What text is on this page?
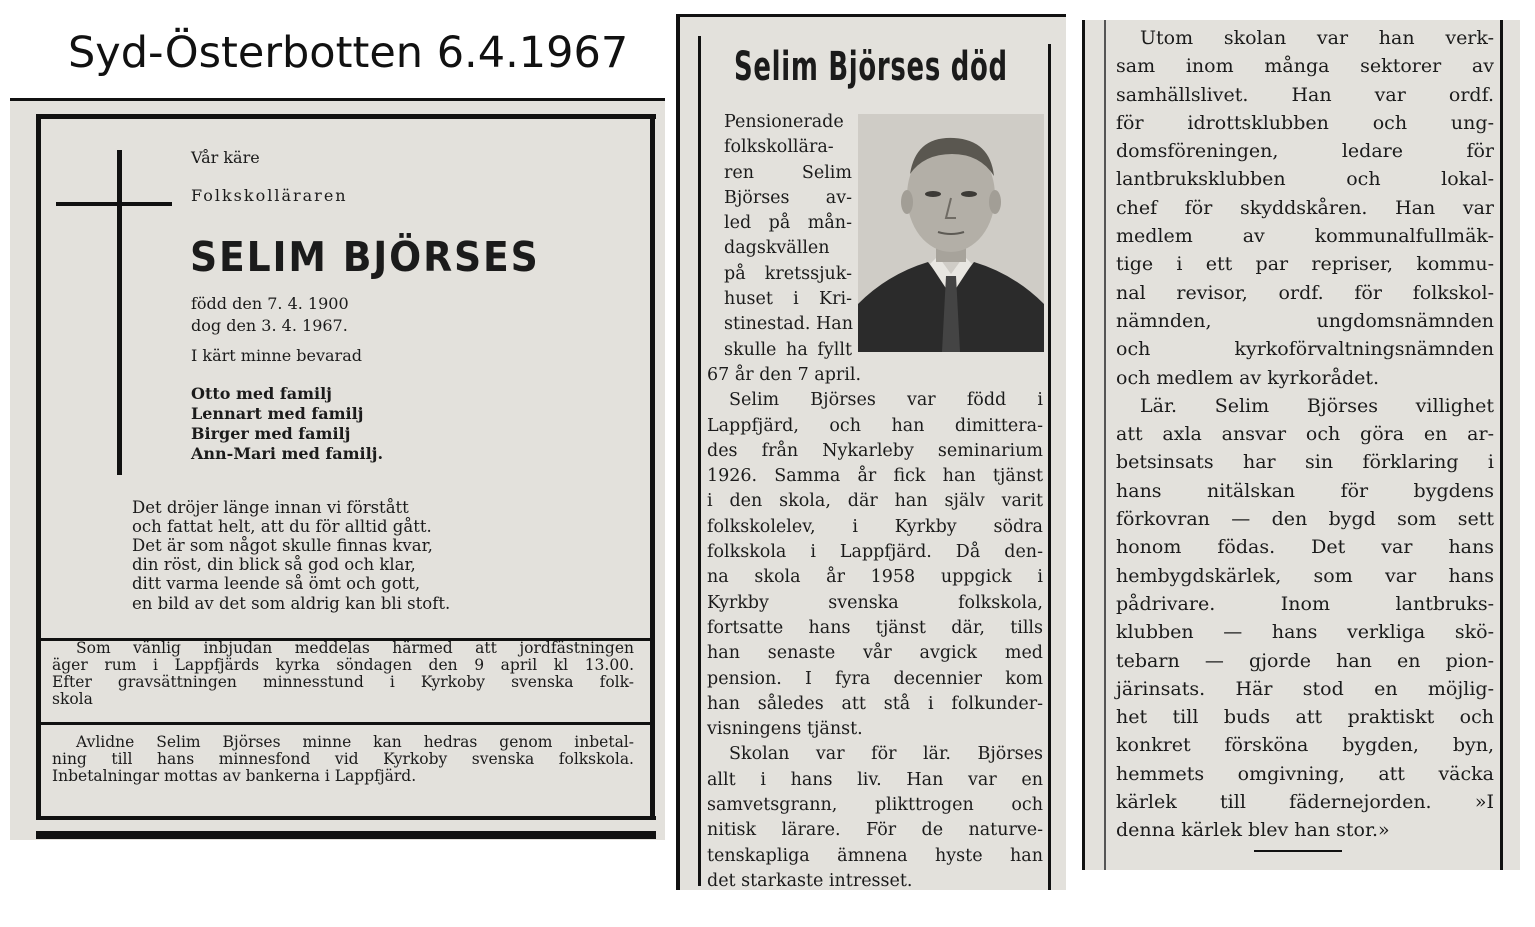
Syd-Österbotten 6.4.1967
Vår käre
Folkskolläraren
SELIM BJÖRSES
född den 7. 4. 1900
dog den 3. 4. 1967.
I kärt minne bevarad
Otto med familj
Lennart med familj
Birger med familj
Ann-Mari med familj.
Det dröjer länge innan vi förstått
och fattat helt, att du för alltid gått.
Det är som något skulle finnas kvar,
din röst, din blick så god och klar,
ditt varma leende så ömt och gott,
en bild av det som aldrig kan bli stoft.
Som vänlig inbjudan meddelas härmed att jordfästningen
äger rum i Lappfjärds kyrka söndagen den 9 april kl 13.00.
Efter gravsättningen minnesstund i Kyrkoby svenska folk-
skola
Avlidne Selim Björses minne kan hedras genom inbetal-
ning till hans minnesfond vid Kyrkoby svenska folkskola.
Inbetalningar mottas av bankerna i Lappfjärd.
Selim Björses död
Pensionerade
folkskollära-
ren Selim
Björses av-
led på mån-
dagskvällen
på kretssjuk-
huset i Kri-
stinestad. Han
skulle ha fyllt
67 år den 7 april.
Selim Björses var född i
Lappfjärd, och han dimittera-
des från Nykarleby seminarium
1926. Samma år fick han tjänst
i den skola, där han själv varit
folkskolelev, i Kyrkby södra
folkskola i Lappfjärd. Då den-
na skola år 1958 uppgick i
Kyrkby svenska folkskola,
fortsatte hans tjänst där, tills
han senaste vår avgick med
pension. I fyra decennier kom
han således att stå i folkunder-
visningens tjänst.
Skolan var för lär. Björses
allt i hans liv. Han var en
samvetsgrann, plikttrogen och
nitisk lärare. För de naturve-
tenskapliga ämnena hyste han
det starkaste intresset.
Utom skolan var han verk-
sam inom många sektorer av
samhällslivet. Han var ordf.
för idrottsklubben och ung-
domsföreningen, ledare för
lantbruksklubben och lokal-
chef för skyddskåren. Han var
medlem av kommunalfullmäk-
tige i ett par repriser, kommu-
nal revisor, ordf. för folkskol-
nämnden, ungdomsnämnden
och kyrkoförvaltningsnämnden
och medlem av kyrkorådet.
Lär. Selim Björses villighet
att axla ansvar och göra en ar-
betsinsats har sin förklaring i
hans nitälskan för bygdens
förkovran — den bygd som sett
honom födas. Det var hans
hembygdskärlek, som var hans
pådrivare. Inom lantbruks-
klubben — hans verkliga skö-
tebarn — gjorde han en pion-
järinsats. Här stod en möjlig-
het till buds att praktiskt och
konkret försköna bygden, byn,
hemmets omgivning, att väcka
kärlek till fädernejorden. »I
denna kärlek blev han stor.»
